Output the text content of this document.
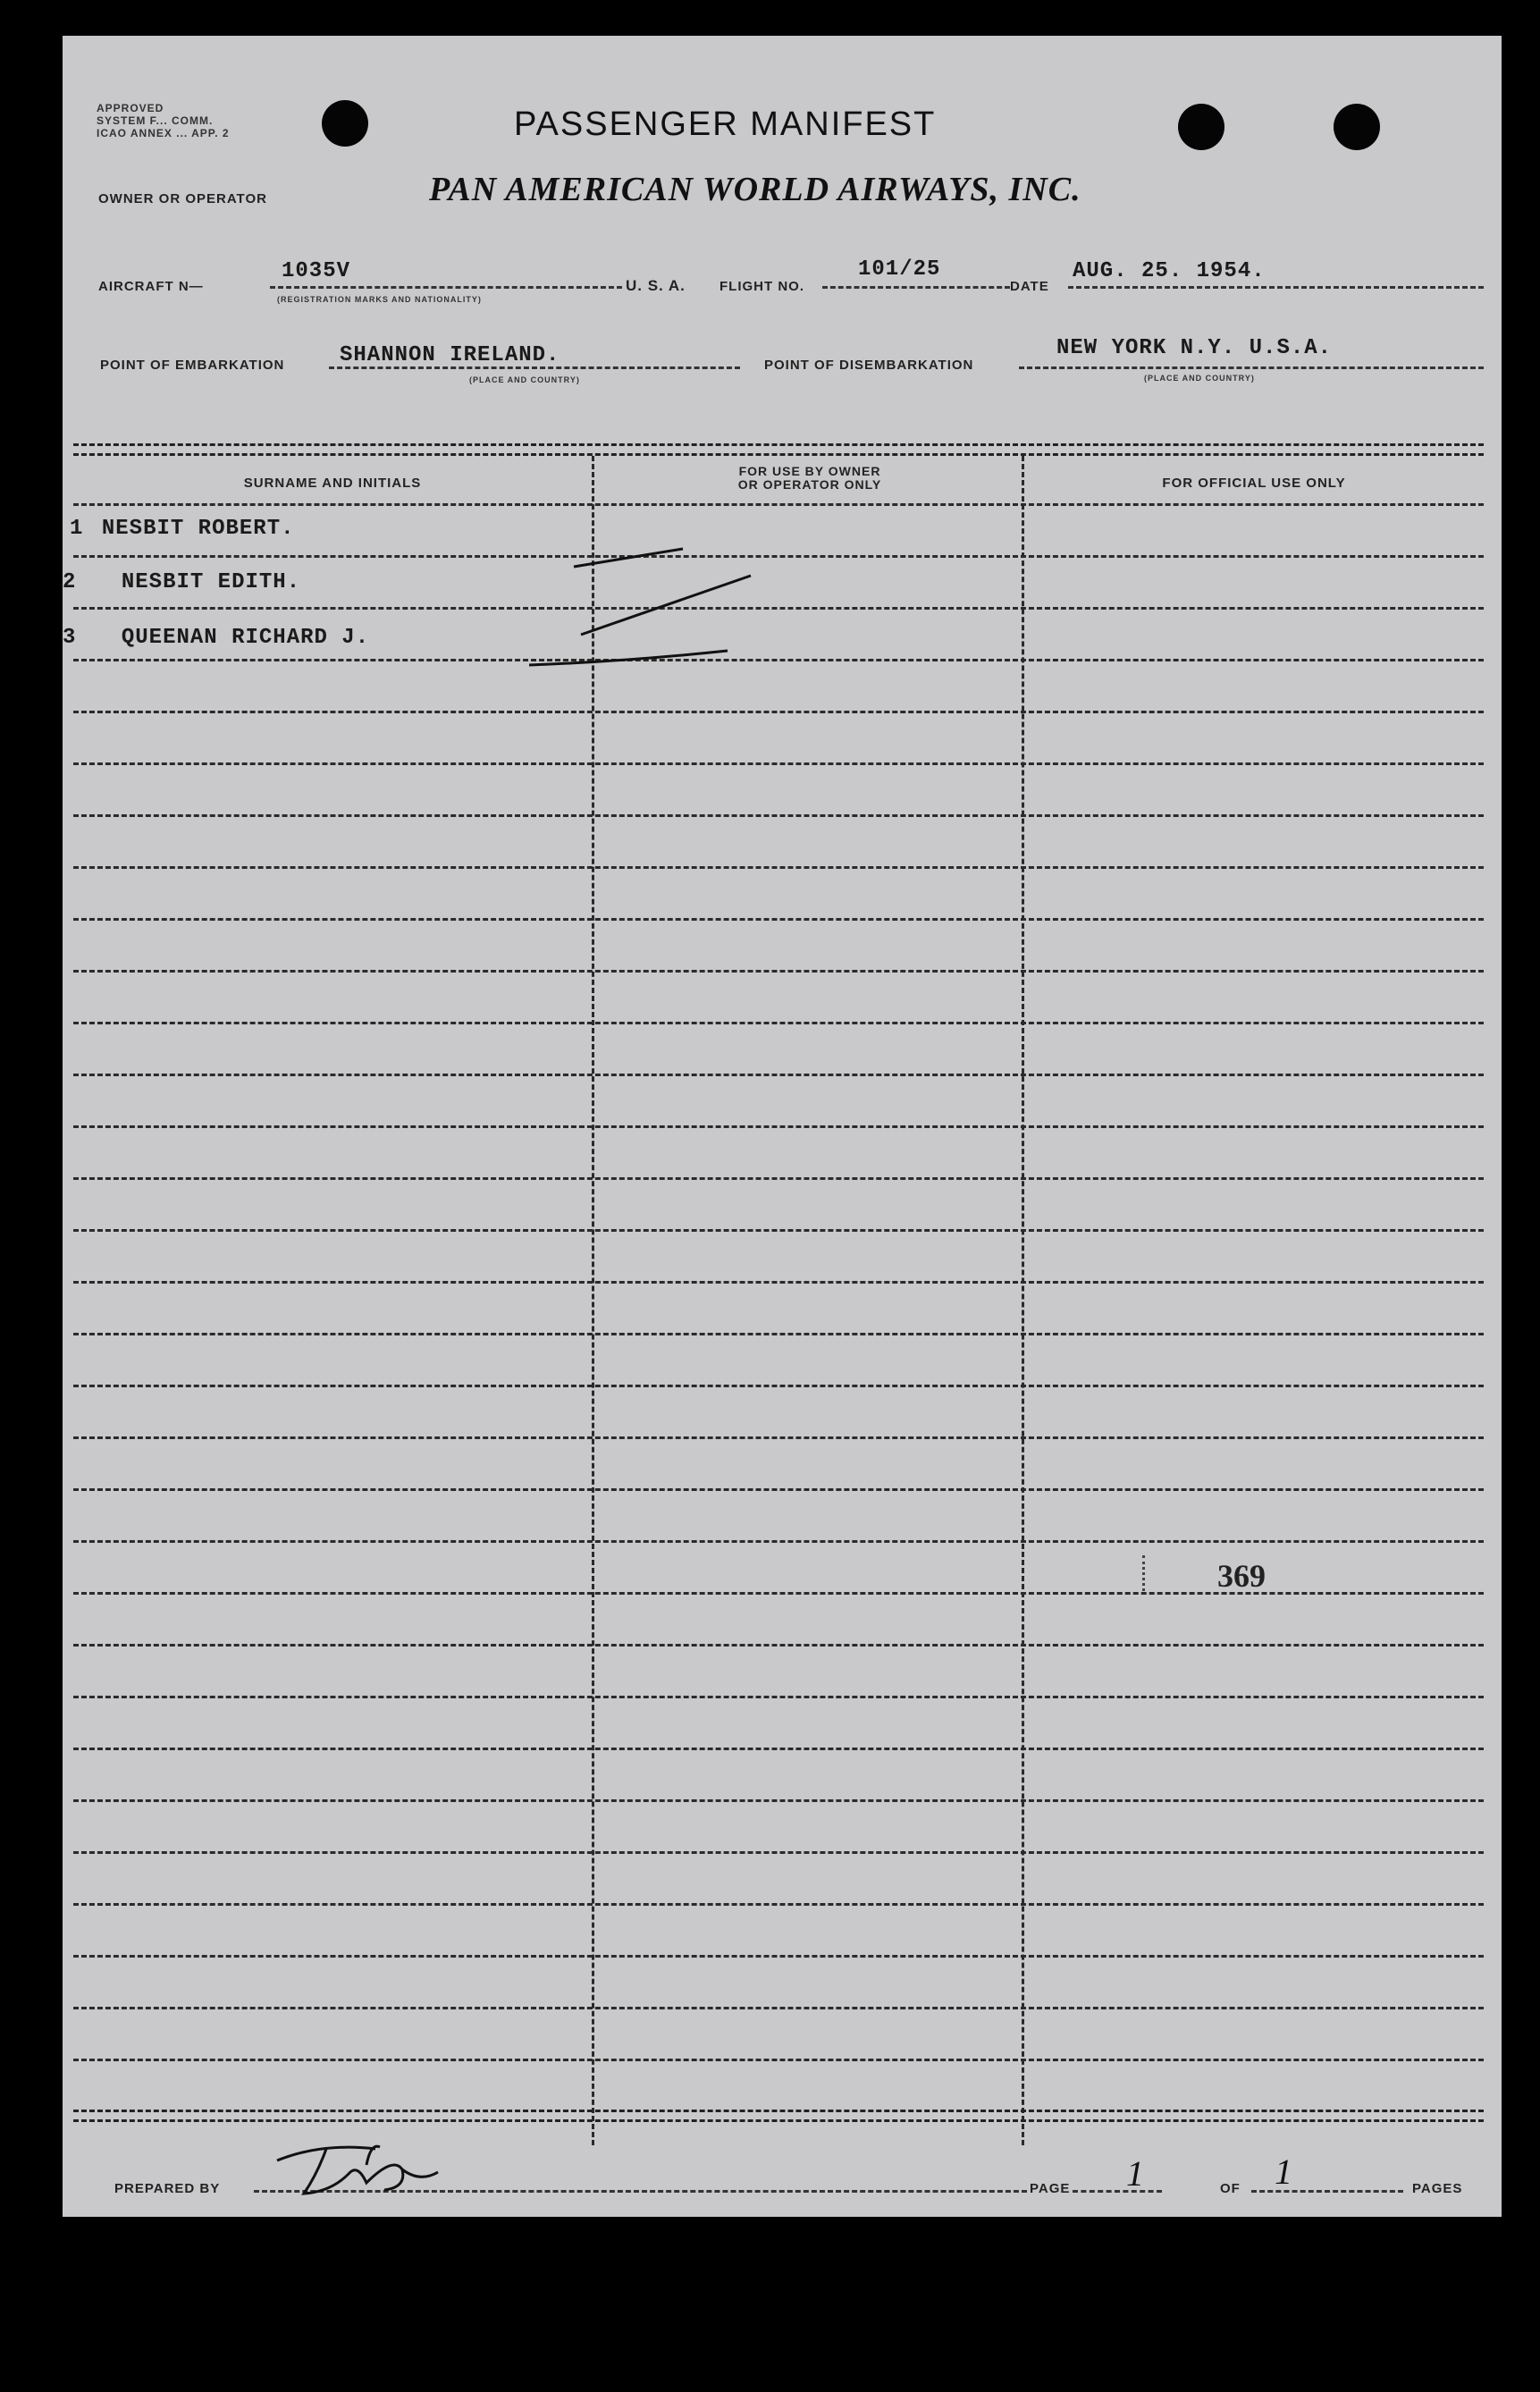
APPROVED
SYSTEM F... COMM.
ICAO ANNEX ... APP. 2	PASSENGER MANIFEST
OWNER OR OPERATOR	PAN AMERICAN WORLD AIRWAYS, INC.
AIRCRAFT N—
1035V
(REGISTRATION MARKS AND NATIONALITY)
U. S. A.	FLIGHT NO.
101/25
DATE
AUG. 25. 1954.
POINT OF EMBARKATION	SHANNON IRELAND.
(PLACE AND COUNTRY)
POINT OF DISEMBARKATION
NEW YORK N.Y. U.S.A.
(PLACE AND COUNTRY)
SURNAME AND INITIALS
FOR USE BY OWNER
OR OPERATOR ONLY	FOR OFFICIAL USE ONLY
1 NESBIT ROBERT.
2 NESBIT EDITH.
3 QUEENAN RICHARD J.
369
PREPARED BY	PAGE 1	OF 1	PAGES
